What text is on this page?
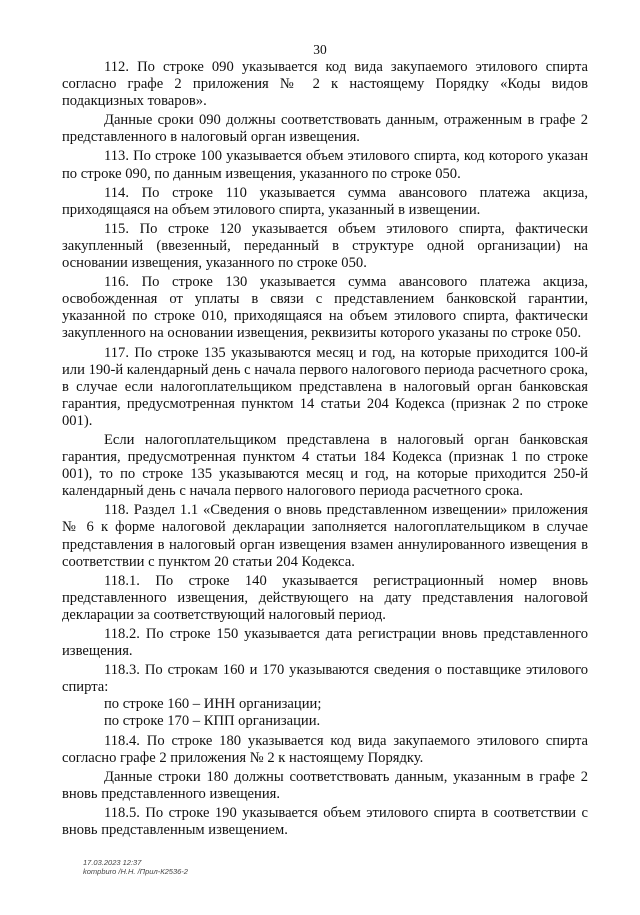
30

112. По строке 090 указывается код вида закупаемого этилового спирта согласно графе 2 приложения № 2 к настоящему Порядку «Коды видов подакцизных товаров».

Данные сроки 090 должны соответствовать данным, отраженным в графе 2 представленного в налоговый орган извещения.

113. По строке 100 указывается объем этилового спирта, код которого указан по строке 090, по данным извещения, указанного по строке 050.

114. По строке 110 указывается сумма авансового платежа акциза, приходящаяся на объем этилового спирта, указанный в извещении.

115. По строке 120 указывается объем этилового спирта, фактически закупленный (ввезенный, переданный в структуре одной организации) на основании извещения, указанного по строке 050.

116. По строке 130 указывается сумма авансового платежа акциза, освобожденная от уплаты в связи с представлением банковской гарантии, указанной по строке 010, приходящаяся на объем этилового спирта, фактически закупленного на основании извещения, реквизиты которого указаны по строке 050.

117. По строке 135 указываются месяц и год, на которые приходится 100-й или 190-й календарный день с начала первого налогового периода расчетного срока, в случае если налогоплательщиком представлена в налоговый орган банковская гарантия, предусмотренная пунктом 14 статьи 204 Кодекса (признак 2 по строке 001).

Если налогоплательщиком представлена в налоговый орган банковская гарантия, предусмотренная пунктом 4 статьи 184 Кодекса (признак 1 по строке 001), то по строке 135 указываются месяц и год, на которые приходится 250-й календарный день с начала первого налогового периода расчетного срока.

118. Раздел 1.1 «Сведения о вновь представленном извещении» приложения № 6 к форме налоговой декларации заполняется налогоплательщиком в случае представления в налоговый орган извещения взамен аннулированного извещения в соответствии с пунктом 20 статьи 204 Кодекса.

118.1. По строке 140 указывается регистрационный номер вновь представленного извещения, действующего на дату представления налоговой декларации за соответствующий налоговый период.

118.2. По строке 150 указывается дата регистрации вновь представленного извещения.

118.3. По строкам 160 и 170 указываются сведения о поставщике этилового спирта:

по строке 160 – ИНН организации;

по строке 170 – КПП организации.

118.4. По строке 180 указывается код вида закупаемого этилового спирта согласно графе 2 приложения № 2 к настоящему Порядку.

Данные строки 180 должны соответствовать данным, указанным в графе 2 вновь представленного извещения.

118.5. По строке 190 указывается объем этилового спирта в соответствии с вновь представленным извещением.

17.03.2023 12:37
kompburo /Н.Н. /Прил-К2536-2
